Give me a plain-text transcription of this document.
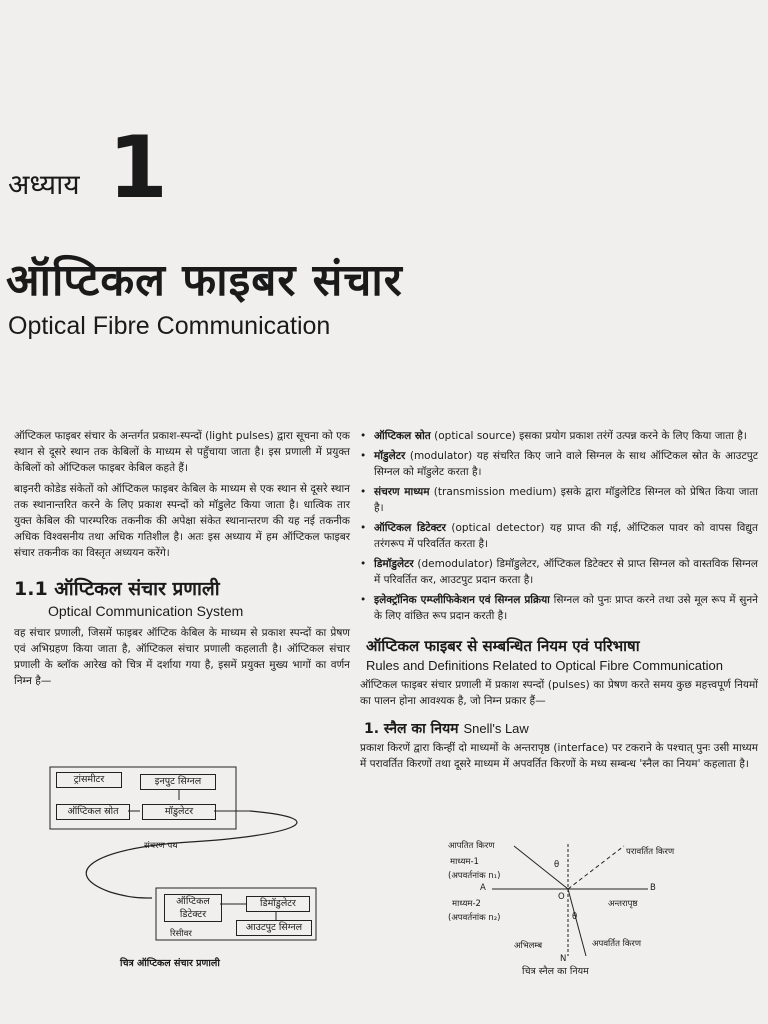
अध्याय 1
ऑप्टिकल फाइबर संचार
Optical Fibre Communication

ऑप्टिकल फाइबर संचार के अन्तर्गत प्रकाश-स्पन्दों (light pulses) द्वारा सूचना को एक स्थान से दूसरे स्थान तक केबिलों के माध्यम से पहुँचाया जाता है। इस प्रणाली में प्रयुक्त केबिलों को ऑप्टिकल फाइबर केबिल कहते हैं।

बाइनरी कोडेड संकेतों को ऑप्टिकल फाइबर केबिल के माध्यम से एक स्थान से दूसरे स्थान तक स्थानान्तरित करने के लिए प्रकाश स्पन्दों को मॉडुलेट किया जाता है। धात्विक तार युक्त केबिल की पारम्परिक तकनीक की अपेक्षा संकेत स्थानान्तरण की यह नई तकनीक अधिक विश्वसनीय तथा अधिक गतिशील है। अतः इस अध्याय में हम ऑप्टिकल फाइबर संचार तकनीक का विस्तृत अध्ययन करेंगे।

1.1 ऑप्टिकल संचार प्रणाली
Optical Communication System

वह संचार प्रणाली, जिसमें फाइबर ऑप्टिक केबिल के माध्यम से प्रकाश स्पन्दों का प्रेषण एवं अभिग्रहण किया जाता है, ऑप्टिकल संचार प्रणाली कहलाती है। ऑप्टिकल संचार प्रणाली के ब्लॉक आरेख को चित्र में दर्शाया गया है, इसमें प्रयुक्त मुख्य भागों का वर्णन निम्न है—

ट्रांसमीटर	इनपुट सिग्नल
ऑप्टिकल स्रोत	मॉडुलेटर
संचरण पथ
ऑप्टिकल डिटेक्टर
डिमॉडुलेटर
रिसीवर
आउटपुट सिग्नल
चित्र ऑप्टिकल संचार प्रणाली
• ऑप्टिकल स्रोत (optical source) इसका प्रयोग प्रकाश तरंगें उत्पन्न करने के लिए किया जाता है।
• मॉडुलेटर (modulator) यह संचरित किए जाने वाले सिग्नल के साथ ऑप्टिकल स्रोत के आउटपुट सिग्नल को मॉडुलेट करता है।
• संचरण माध्यम (transmission medium) इसके द्वारा मॉडुलेटिड सिग्नल को प्रेषित किया जाता है।
• ऑप्टिकल डिटेक्टर (optical detector) यह प्राप्त की गई, ऑप्टिकल पावर को वापस विद्युत तरंगरूप में परिवर्तित करता है।
• डिमॉडुलेटर (demodulator) डिमॉडुलेटर, ऑप्टिकल डिटेक्टर से प्राप्त सिग्नल को वास्तविक सिग्नल में परिवर्तित कर, आउटपुट प्रदान करता है।
• इलेक्ट्रॉनिक एम्प्लीफिकेशन एवं सिग्नल प्रक्रिया सिग्नल को पुनः प्राप्त करने तथा उसे मूल रूप में सुनने के लिए वांछित रूप प्रदान करती है।
ऑप्टिकल फाइबर से सम्बन्धित नियम एवं परिभाषा
Rules and Definitions Related to Optical Fibre Communication

ऑप्टिकल फाइबर संचार प्रणाली में प्रकाश स्पन्दों (pulses) का प्रेषण करते समय कुछ महत्त्वपूर्ण नियमों का पालन होना आवश्यक है, जो निम्न प्रकार हैं—

1. स्नैल का नियम Snell's Law

प्रकाश किरणें द्वारा किन्हीं दो माध्यमों के अन्तरापृष्ठ (interface) पर टकराने के पश्चात् पुनः उसी माध्यम में परावर्तित किरणों तथा दूसरे माध्यम में अपवर्तित किरणों के मध्य सम्बन्ध 'स्नैल का नियम' कहलाता है।

आपतित किरण
माध्यम-1
(अपवर्तनांक n₁)
परावर्तित किरण
θ
A	B
O
अन्तरापृष्ठ
माध्यम-2
(अपवर्तनांक n₂)	θ
अभिलम्ब
N
अपवर्तित किरण
चित्र स्नैल का नियम
